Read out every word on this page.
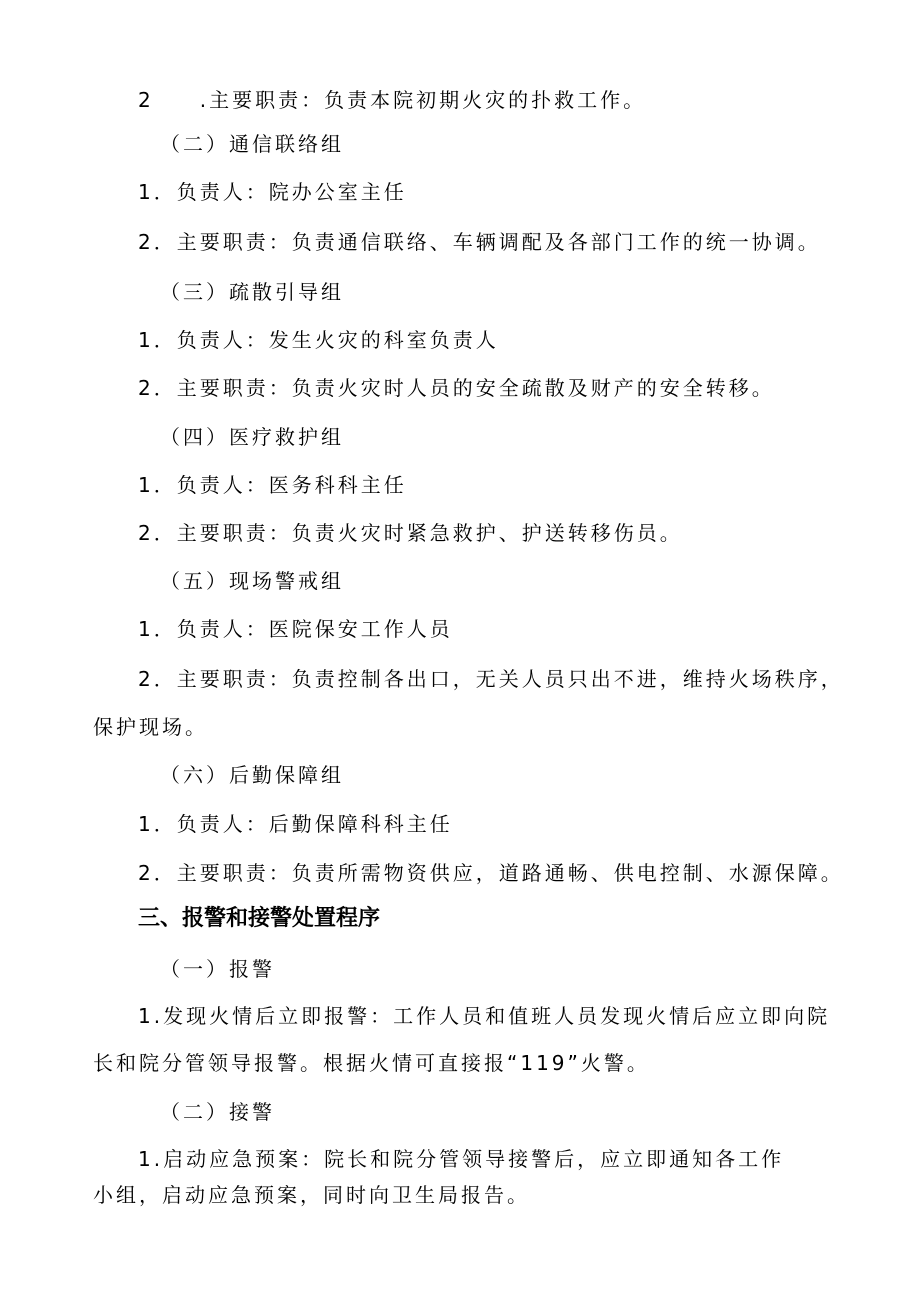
2　　.主要职责：负责本院初期火灾的扑救工作。
（二）通信联络组
1．负责人：院办公室主任
2．主要职责：负责通信联络、车辆调配及各部门工作的统一协调。
（三）疏散引导组
1．负责人：发生火灾的科室负责人
2．主要职责：负责火灾时人员的安全疏散及财产的安全转移。
（四）医疗救护组
1．负责人：医务科科主任
2．主要职责：负责火灾时紧急救护、护送转移伤员。
（五）现场警戒组
1．负责人：医院保安工作人员
2．主要职责：负责控制各出口，无关人员只出不进，维持火场秩序，
保护现场。
（六）后勤保障组
1．负责人：后勤保障科科主任
2．主要职责：负责所需物资供应，道路通畅、供电控制、水源保障。
三、报警和接警处置程序
（一）报警
1.发现火情后立即报警：工作人员和值班人员发现火情后应立即向院
长和院分管领导报警。根据火情可直接报“119”火警。
（二）接警
1.启动应急预案：院长和院分管领导接警后，应立即通知各工作
小组，启动应急预案，同时向卫生局报告。
